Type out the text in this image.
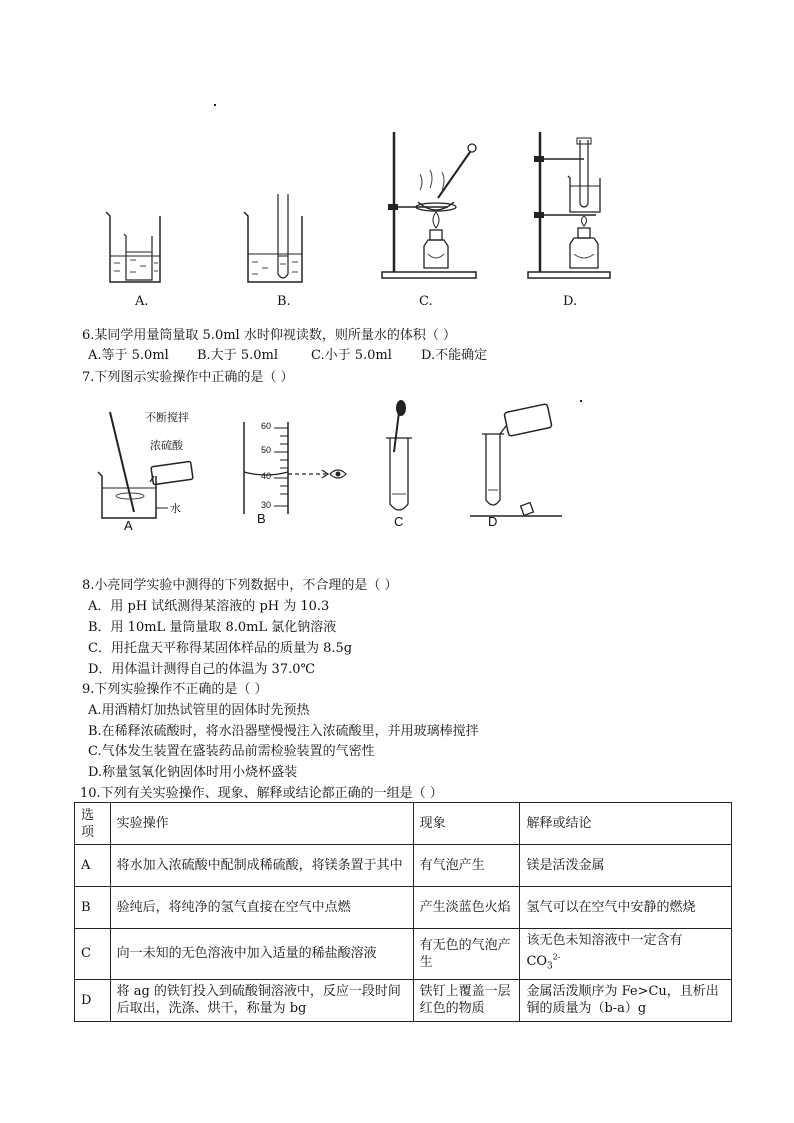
A.	B.	C.	D.
6.某同学用量筒量取 5.0ml 水时仰视读数，则所量水的体积（ ）
A.等于 5.0ml B.大于 5.0ml	C.小于 5.0ml D.不能确定
7.下列图示实验操作中正确的是（ ）
不断搅拌
浓硫酸
水
A
60
50
40
30
B	C	D
8.小亮同学实验中测得的下列数据中，不合理的是（ ）
A．用 pH 试纸测得某溶液的 pH 为 10.3
B．用 10mL 量筒量取 8.0mL 氯化钠溶液
C．用托盘天平称得某固体样品的质量为 8.5g
D．用体温计测得自己的体温为 37.0℃
9.下列实验操作不正确的是（ ）
A.用酒精灯加热试管里的固体时先预热
B.在稀释浓硫酸时，将水沿器壁慢慢注入浓硫酸里，并用玻璃棒搅拌
C.气体发生装置在盛装药品前需检验装置的气密性
D.称量氢氧化钠固体时用小烧杯盛装
10.下列有关实验操作、现象、解释或结论都正确的一组是（ ）
选
项	实验操作	现象	解释或结论
A	将水加入浓硫酸中配制成稀硫酸，将镁条置于其中	有气泡产生	镁是活泼金属
B	验纯后，将纯净的氢气直接在空气中点燃	产生淡蓝色火焰	氢气可以在空气中安静的燃烧
C	向一未知的无色溶液中加入适量的稀盐酸溶液	有无色的气泡产生	该无色未知溶液中一定含有
$CO_3^{2-}$
D	将 ag 的铁钉投入到硫酸铜溶液中，反应一段时间后取出，洗涤、烘干，称量为 bg	铁钉上覆盖一层红色的物质	金属活泼顺序为 Fe>Cu，且析出铜的质量为（b-a）g
